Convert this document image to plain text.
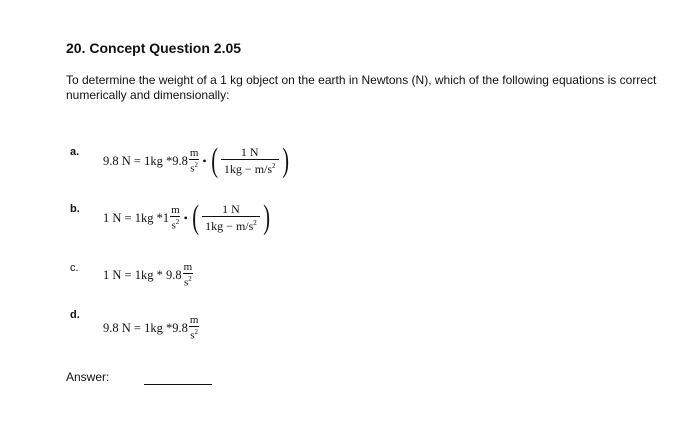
20. Concept Question 2.05
To determine the weight of a 1 kg object on the earth in Newtons (N), which of the following equations is correct numerically and dimensionally:
a.
9.8 N = 1kg $*9.8 \frac{m}{s^2}$ • ( $\frac{1 N}{1kg - m/s^2}$ )
b.
1 N = 1kg $*1 \frac{m}{s^2}$ • ( $\frac{1 N}{1kg - m/s^2}$ )
c. 1 $N = 1kg * 9.8 \frac{m}{s^2}$
d.
9.8 N = 1kg $*9.8 \frac{m}{s^2}$
Answer:
